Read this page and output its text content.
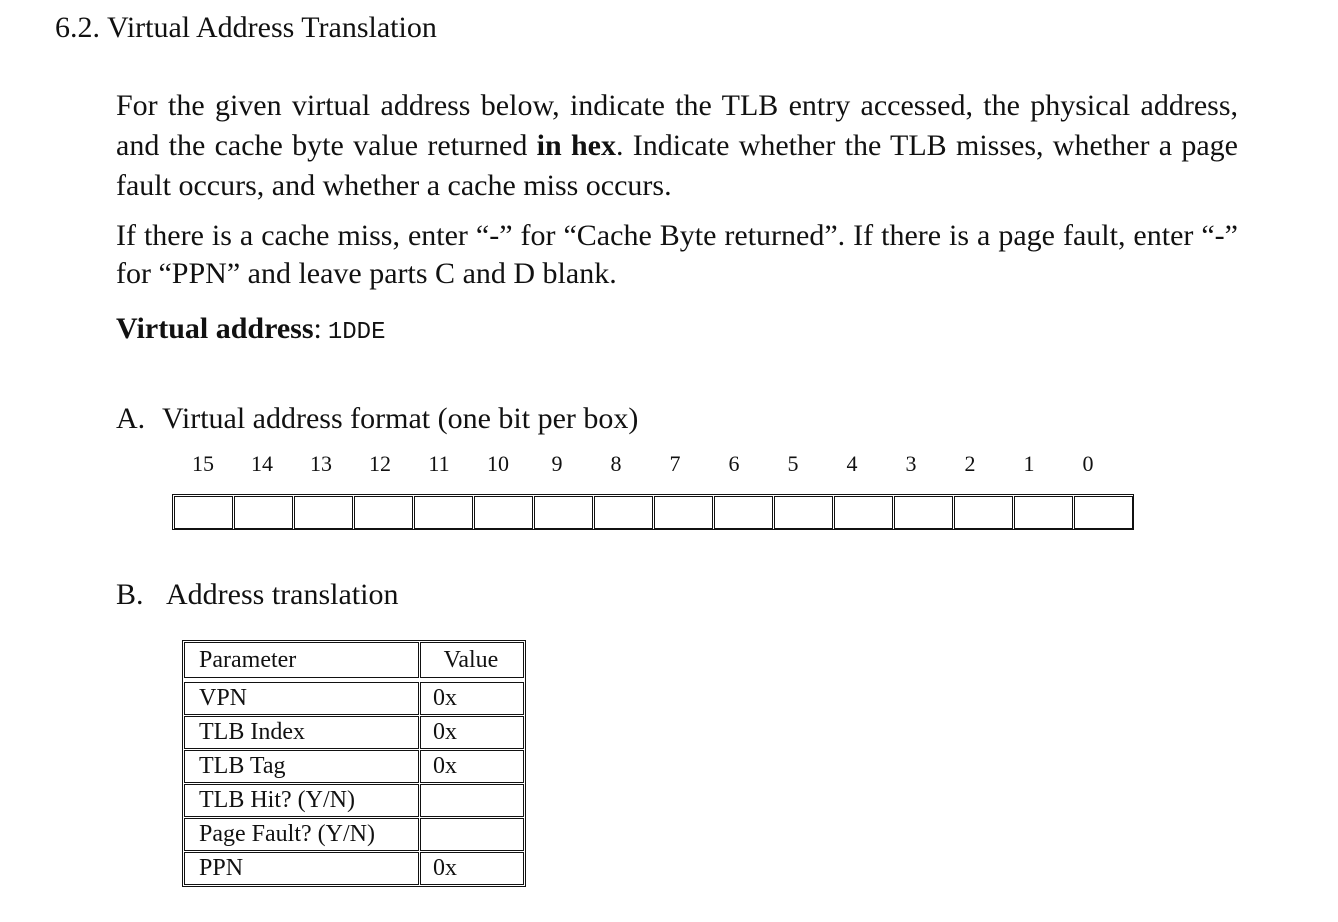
6.2. Virtual Address Translation

For the given virtual address below, indicate the TLB entry accessed, the physical address, and the cache byte value returned in hex. Indicate whether the TLB misses, whether a page fault occurs, and whether a cache miss occurs.

If there is a cache miss, enter “-” for “Cache Byte returned”. If there is a page fault, enter “-” for “PPN” and leave parts C and D blank.

Virtual address: 1DDE
A. Virtual address format (one bit per box)
15	14	13	12	11	10	9	8	7	6	5	4	3	2	1	0
B. Address translation
Parameter	Value

VPN	0x
TLB Index	0x
TLB Tag	0x
TLB Hit? (Y/N)	
Page Fault? (Y/N)	
PPN	0x
